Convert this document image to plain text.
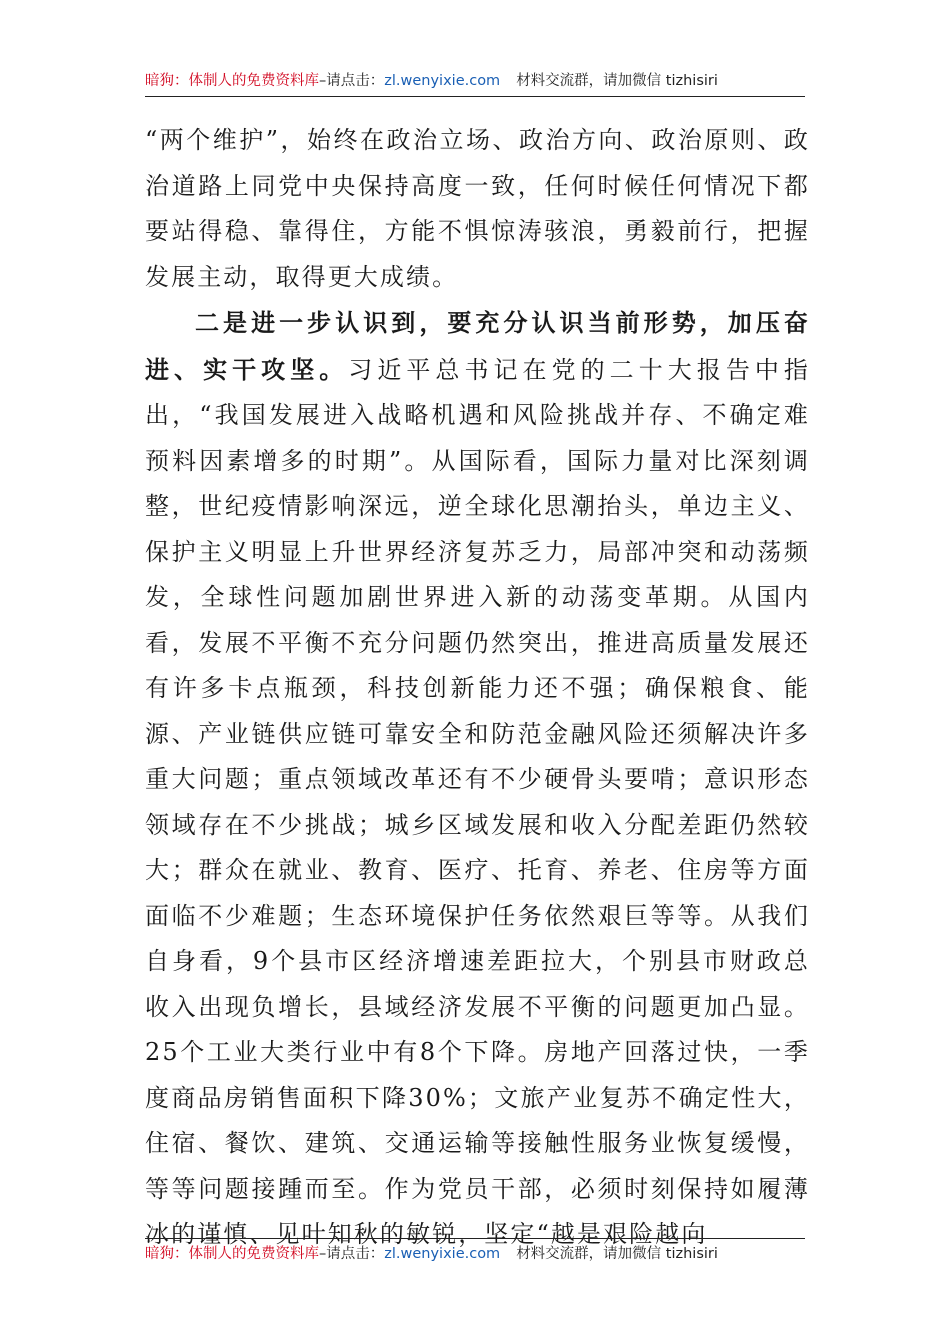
暗狗：体制人的免费资料库–请点击：zl.wenyixie.com 材料交流群，请加微信 tizhisiri

“两个维护”，始终在政治立场、政治方向、政治原则、政治道路上同党中央保持高度一致，任何时候任何情况下都要站得稳、靠得住，方能不惧惊涛骇浪，勇毅前行，把握发展主动，取得更大成绩。

二是进一步认识到，要充分认识当前形势，加压奋进、实干攻坚。习近平总书记在党的二十大报告中指出，“我国发展进入战略机遇和风险挑战并存、不确定难预料因素增多的时期”。从国际看，国际力量对比深刻调整，世纪疫情影响深远，逆全球化思潮抬头，单边主义、保护主义明显上升世界经济复苏乏力，局部冲突和动荡频发，全球性问题加剧世界进入新的动荡变革期。从国内看，发展不平衡不充分问题仍然突出，推进高质量发展还有许多卡点瓶颈，科技创新能力还不强；确保粮食、能源、产业链供应链可靠安全和防范金融风险还须解决许多重大问题；重点领域改革还有不少硬骨头要啃；意识形态领域存在不少挑战；城乡区域发展和收入分配差距仍然较大；群众在就业、教育、医疗、托育、养老、住房等方面面临不少难题；生态环境保护任务依然艰巨等等。从我们自身看，9个县市区经济增速差距拉大，个别县市财政总收入出现负增长，县域经济发展不平衡的问题更加凸显。25个工业大类行业中有8个下降。房地产回落过快，一季度商品房销售面积下降30%；文旅产业复苏不确定性大，住宿、餐饮、建筑、交通运输等接触性服务业恢复缓慢，等等问题接踵而至。作为党员干部，必须时刻保持如履薄冰的谨慎、见叶知秋的敏锐，坚定“越是艰险越向

暗狗：体制人的免费资料库–请点击：zl.wenyixie.com 材料交流群，请加微信 tizhisiri
